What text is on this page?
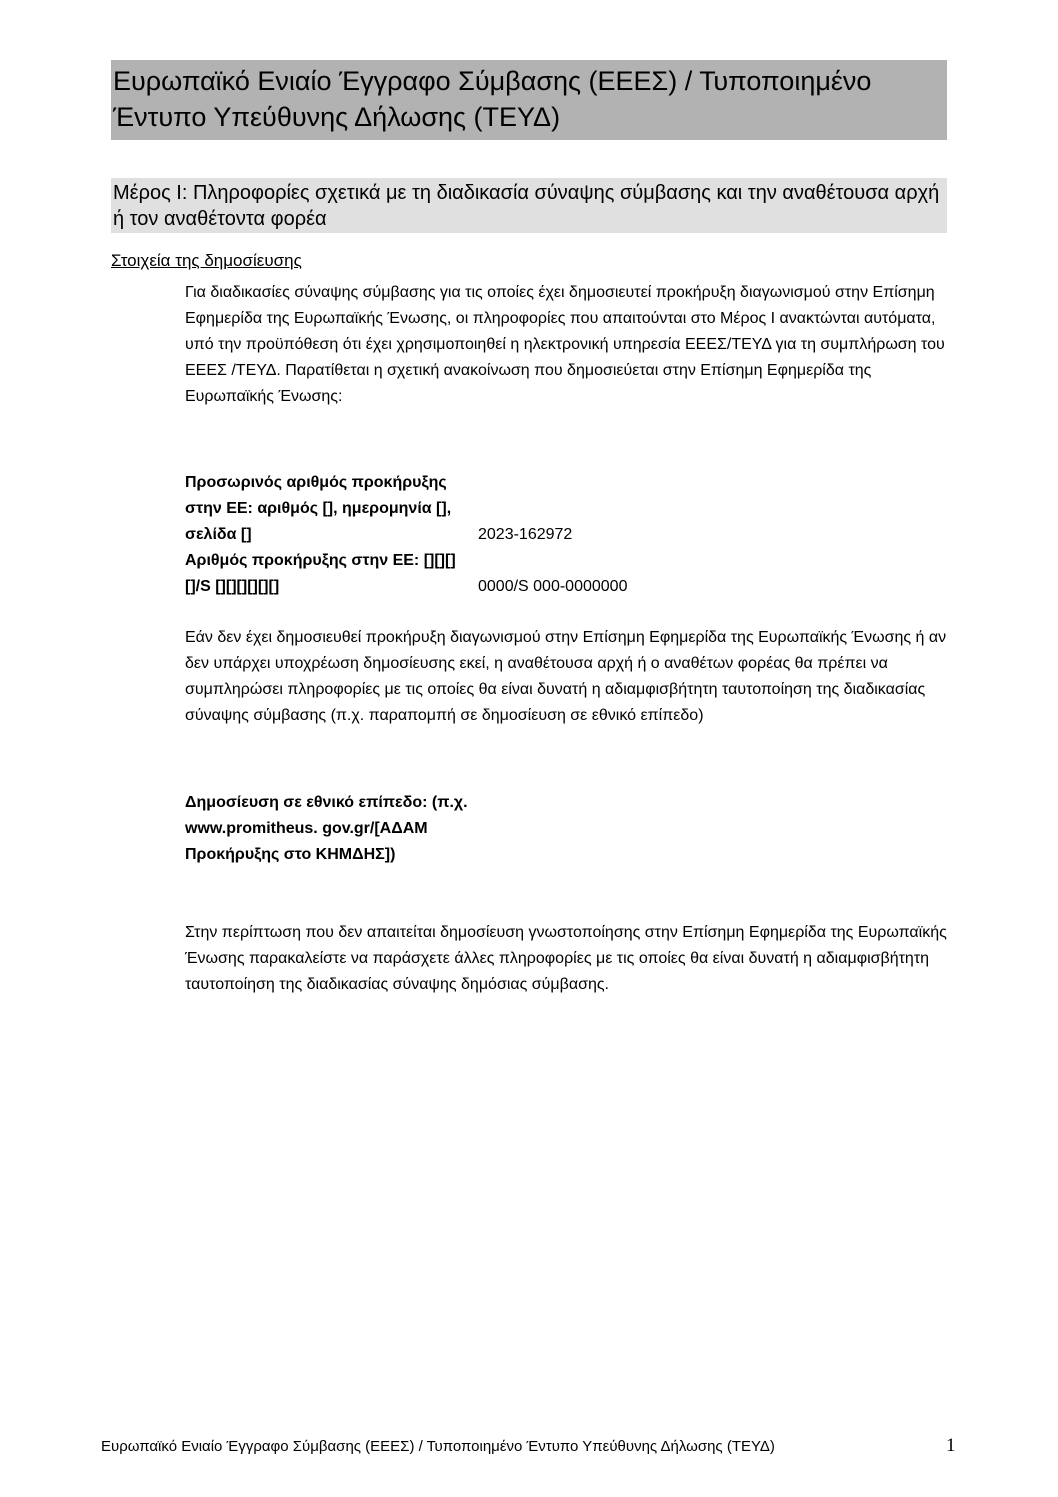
Ευρωπαϊκό Ενιαίο Έγγραφο Σύμβασης (ΕΕΕΣ) / Τυποποιημένο Έντυπο Υπεύθυνης Δήλωσης (ΤΕΥΔ)
Μέρος I: Πληροφορίες σχετικά με τη διαδικασία σύναψης σύμβασης και την αναθέτουσα αρχή ή τον αναθέτοντα φορέα
Στοιχεία της δημοσίευσης

Για διαδικασίες σύναψης σύμβασης για τις οποίες έχει δημοσιευτεί προκήρυξη διαγωνισμού στην Επίσημη Εφημερίδα της Ευρωπαϊκής Ένωσης, οι πληροφορίες που απαιτούνται στο Μέρος I ανακτώνται αυτόματα, υπό την προϋπόθεση ότι έχει χρησιμοποιηθεί η ηλεκτρονική υπηρεσία ΕΕΕΣ/ΤΕΥΔ για τη συμπλήρωση του ΕΕΕΣ /ΤΕΥΔ. Παρατίθεται η σχετική ανακοίνωση που δημοσιεύεται στην Επίσημη Εφημερίδα της Ευρωπαϊκής Ένωσης:

Προσωρινός αριθμός προκήρυξης στην ΕΕ: αριθμός [], ημερομηνία [], σελίδα []	2023-162972

Αριθμός προκήρυξης στην ΕΕ: [][][][]/S [][][][][][]	0000/S 000-0000000

Εάν δεν έχει δημοσιευθεί προκήρυξη διαγωνισμού στην Επίσημη Εφημερίδα της Ευρωπαϊκής Ένωσης ή αν δεν υπάρχει υποχρέωση δημοσίευσης εκεί, η αναθέτουσα αρχή ή ο αναθέτων φορέας θα πρέπει να συμπληρώσει πληροφορίες με τις οποίες θα είναι δυνατή η αδιαμφισβήτητη ταυτοποίηση της διαδικασίας σύναψης σύμβασης (π.χ. παραπομπή σε δημοσίευση σε εθνικό επίπεδο)

Δημοσίευση σε εθνικό επίπεδο: (π.χ. www.promitheus. gov.gr/[ΑΔΑΜ Προκήρυξης στο ΚΗΜΔΗΣ])

Στην περίπτωση που δεν απαιτείται δημοσίευση γνωστοποίησης στην Επίσημη Εφημερίδα της Ευρωπαϊκής Ένωσης παρακαλείστε να παράσχετε άλλες πληροφορίες με τις οποίες θα είναι δυνατή η αδιαμφισβήτητη ταυτοποίηση της διαδικασίας σύναψης δημόσιας σύμβασης.

Ευρωπαϊκό Ενιαίο Έγγραφο Σύμβασης (ΕΕΕΣ) / Τυποποιημένο Έντυπο Υπεύθυνης Δήλωσης (ΤΕΥΔ)	1
